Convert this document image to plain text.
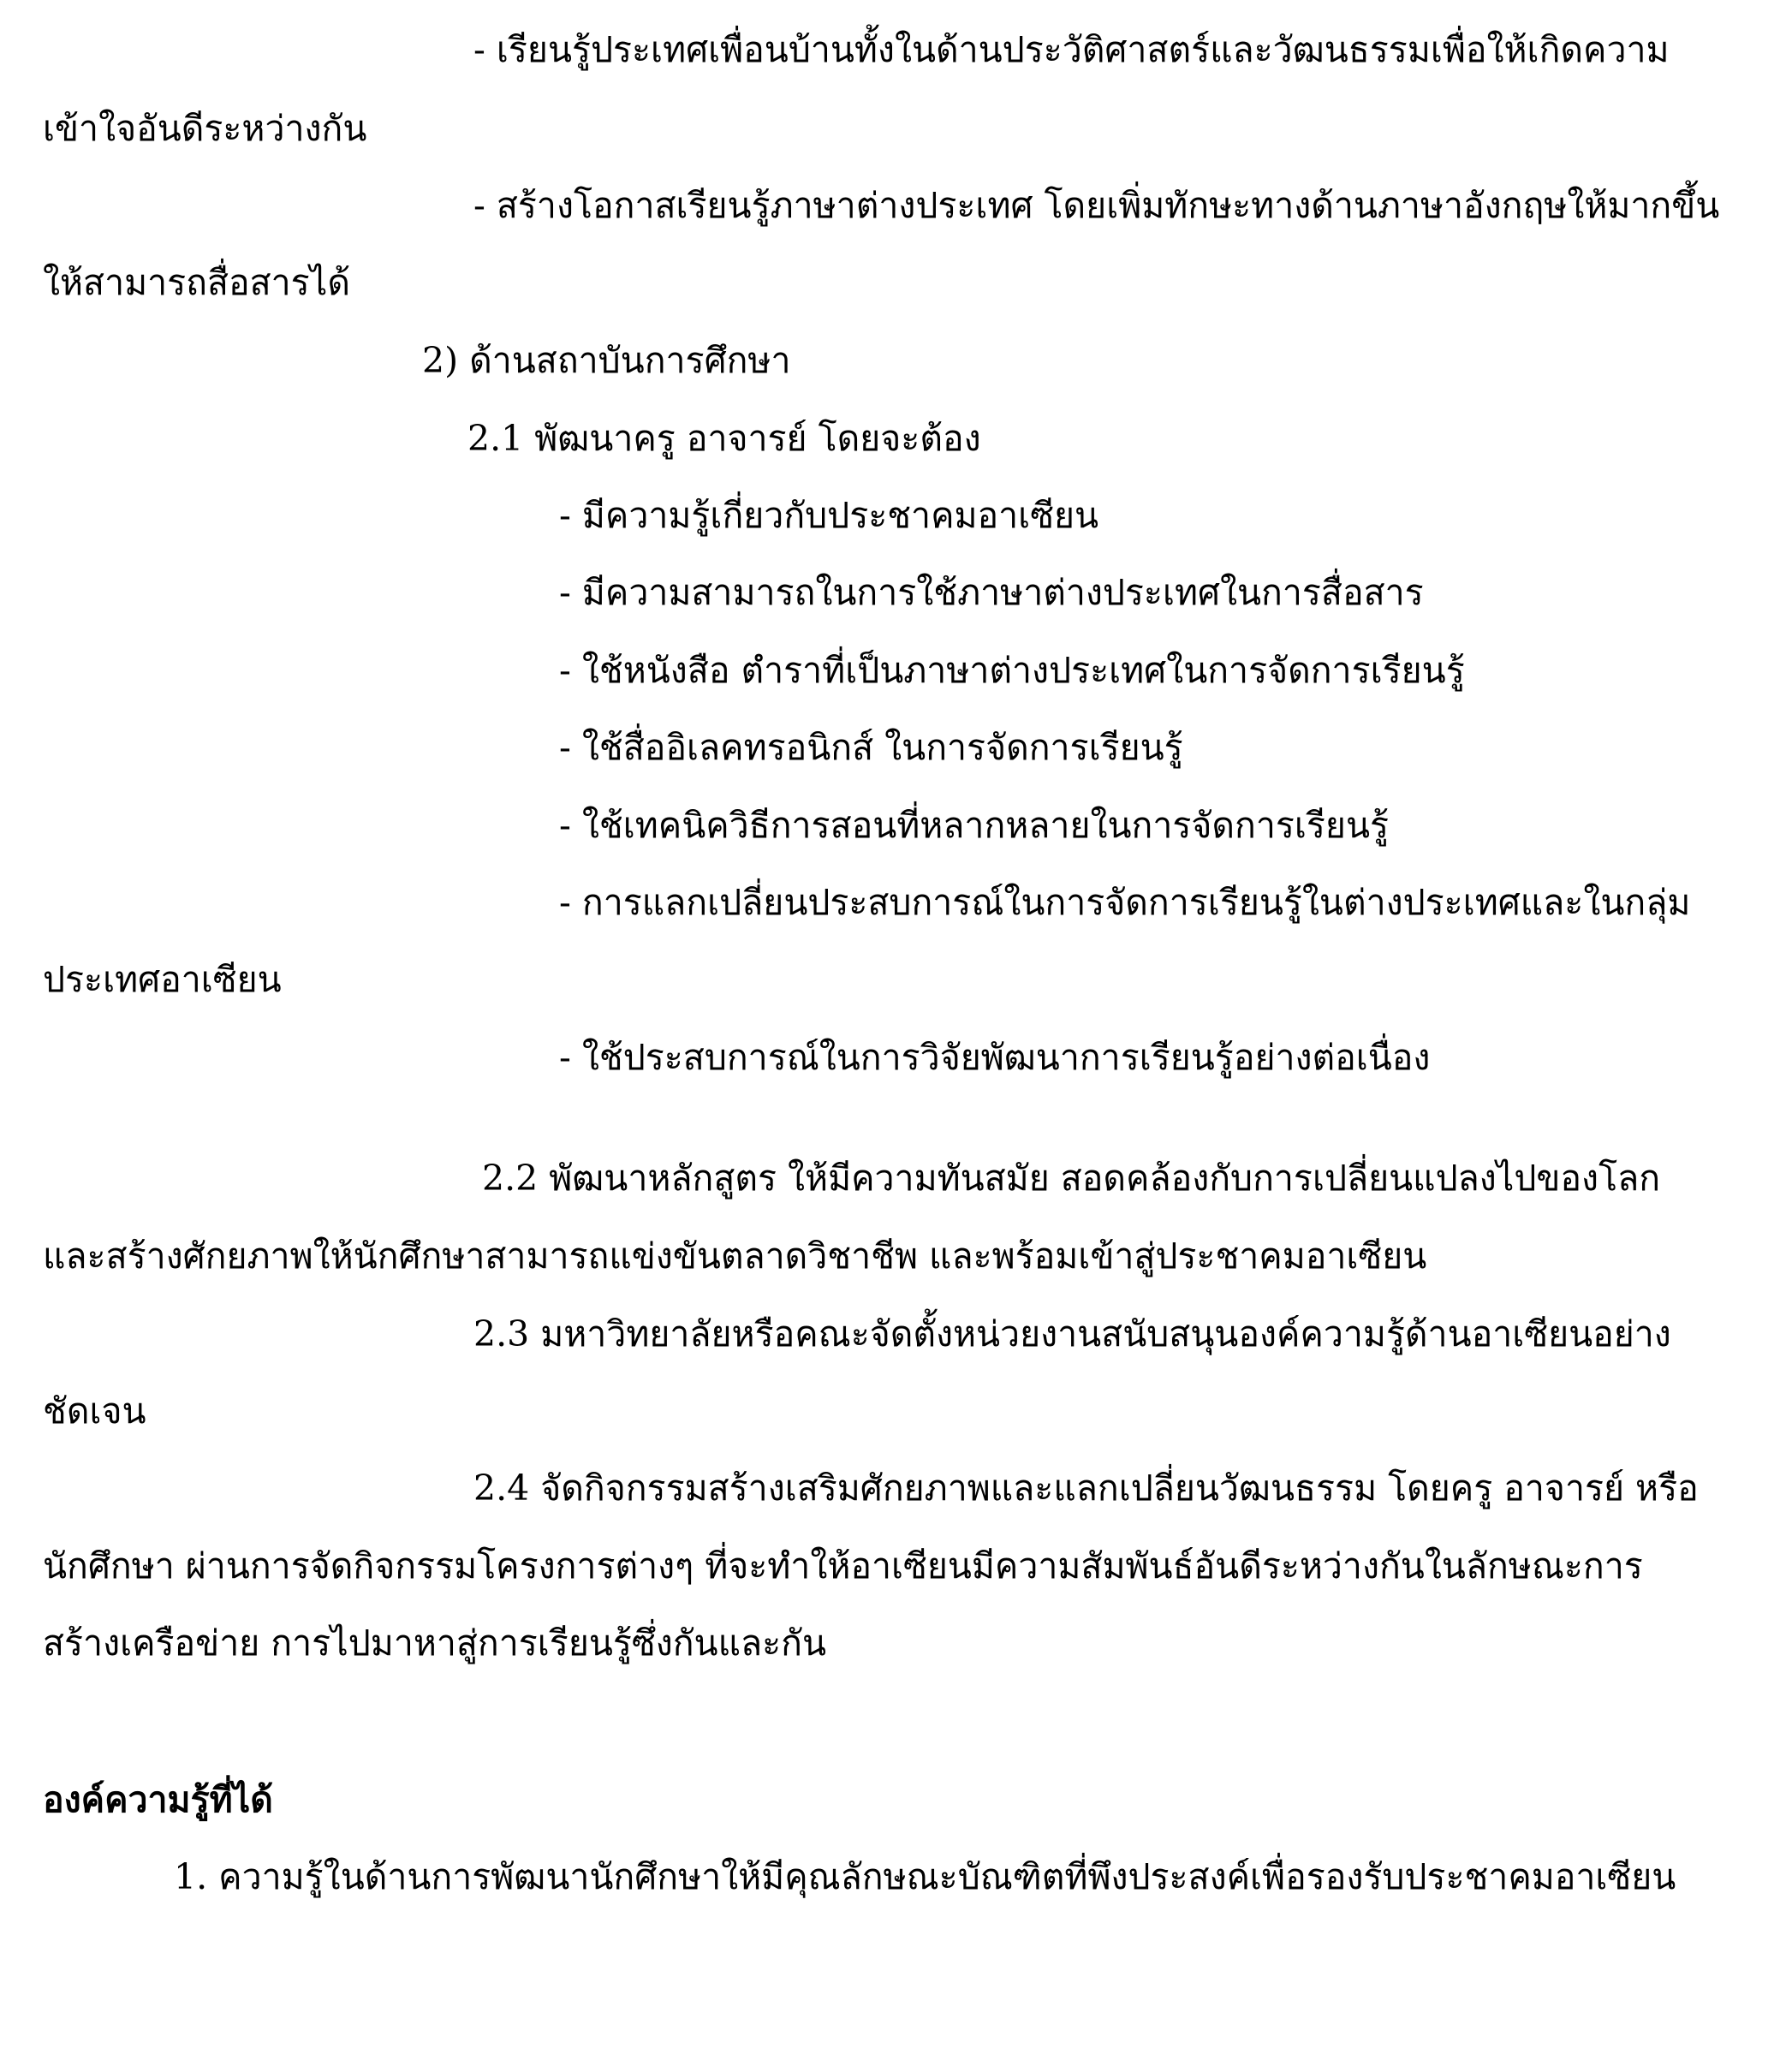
- เรียนรู้ประเทศเพื่อนบ้านทั้งในด้านประวัติศาสตร์และวัฒนธรรมเพื่อให้เกิดความ

เข้าใจอันดีระหว่างกัน

- สร้างโอกาสเรียนรู้ภาษาต่างประเทศ โดยเพิ่มทักษะทางด้านภาษาอังกฤษให้มากขึ้น

ให้สามารถสื่อสารได้

2) ด้านสถาบันการศึกษา

2.1 พัฒนาครู อาจารย์ โดยจะต้อง

- มีความรู้เกี่ยวกับประชาคมอาเซียน

- มีความสามารถในการใช้ภาษาต่างประเทศในการสื่อสาร

- ใช้หนังสือ ตำราที่เป็นภาษาต่างประเทศในการจัดการเรียนรู้

- ใช้สื่ออิเลคทรอนิกส์ ในการจัดการเรียนรู้

- ใช้เทคนิควิธีการสอนที่หลากหลายในการจัดการเรียนรู้

- การแลกเปลี่ยนประสบการณ์ในการจัดการเรียนรู้ในต่างประเทศและในกลุ่ม

ประเทศอาเซียน

- ใช้ประสบการณ์ในการวิจัยพัฒนาการเรียนรู้อย่างต่อเนื่อง

2.2 พัฒนาหลักสูตร ให้มีความทันสมัย สอดคล้องกับการเปลี่ยนแปลงไปของโลก

และสร้างศักยภาพให้นักศึกษาสามารถแข่งขันตลาดวิชาชีพ และพร้อมเข้าสู่ประชาคมอาเซียน

2.3 มหาวิทยาลัยหรือคณะจัดตั้งหน่วยงานสนับสนุนองค์ความรู้ด้านอาเซียนอย่าง

ชัดเจน

2.4 จัดกิจกรรมสร้างเสริมศักยภาพและแลกเปลี่ยนวัฒนธรรม โดยครู อาจารย์ หรือ

นักศึกษา ผ่านการจัดกิจกรรมโครงการต่างๆ ที่จะทำให้อาเซียนมีความสัมพันธ์อันดีระหว่างกันในลักษณะการ

สร้างเครือข่าย การไปมาหาสู่การเรียนรู้ซึ่งกันและกัน

องค์ความรู้ที่ได้

1. ความรู้ในด้านการพัฒนานักศึกษาให้มีคุณลักษณะบัณฑิตที่พึงประสงค์เพื่อรองรับประชาคมอาเซียน
